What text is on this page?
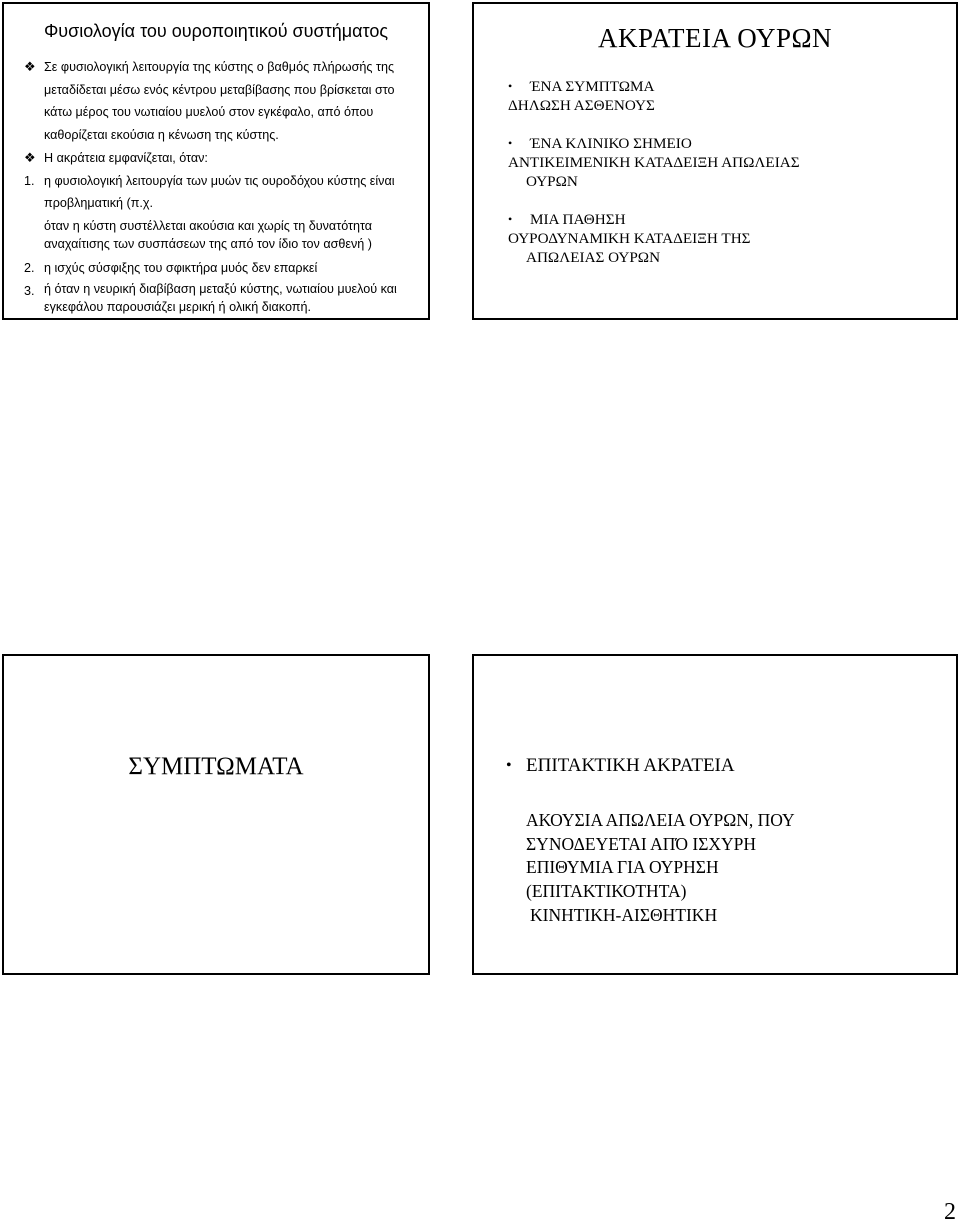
Φυσιολογία του ουροποιητικού συστήματος
❖ Σε φυσιολογική λειτουργία της κύστης ο βαθμός πλήρωσής της μεταδίδεται μέσω ενός κέντρου μεταβίβασης που βρίσκεται στο κάτω μέρος του νωτιαίου μυελού στον εγκέφαλο, από όπου καθορίζεται εκούσια η κένωση της κύστης.
❖ Η ακράτεια εμφανίζεται, όταν:
1. η φυσιολογική λειτουργία των μυών τις ουροδόχου κύστης είναι προβληματική (π.χ.
όταν η κύστη συστέλλεται ακούσια και χωρίς τη δυνατότητα αναχαίτισης των συσπάσεων της από τον ίδιο τον ασθενή )
2. η ισχύς σύσφιξης του σφικτήρα μυός δεν επαρκεί
3. ή όταν η νευρική διαβίβαση μεταξύ κύστης, νωτιαίου μυελού και εγκεφάλου παρουσιάζει μερική ή ολική διακοπή.
ΑΚΡΑΤΕΙΑ ΟΥΡΩΝ
•	ΈΝΑ ΣΥΜΠΤΩΜΑ
ΔΗΛΩΣΗ ΑΣΘΕΝΟΥΣ
•	ΈΝΑ ΚΛΙΝΙΚΟ ΣΗΜΕΙΟ
ΑΝΤΙΚΕΙΜΕΝΙΚΗ ΚΑΤΑΔΕΙΞΗ ΑΠΩΛΕΙΑΣ
ΟΥΡΩΝ
•	ΜΙΑ ΠΑΘΗΣΗ
ΟΥΡΟΔΥΝΑΜΙΚΗ ΚΑΤΑΔΕΙΞΗ ΤΗΣ
ΑΠΩΛΕΙΑΣ ΟΥΡΩΝ
ΣΥΜΠΤΩΜΑΤΑ	• ΕΠΙΤΑΚΤΙΚΗ ΑΚΡΑΤΕΙΑ
ΑΚΟΥΣΙΑ ΑΠΩΛΕΙΑ ΟΥΡΩΝ, ΠΟΥ
ΣΥΝΟΔΕΥΕΤΑΙ ΑΠΌ ΙΣΧΥΡΗ
ΕΠΙΘΥΜΙΑ ΓΙΑ ΟΥΡΗΣΗ
(ΕΠΙΤΑΚΤΙΚΟΤΗΤΑ)
ΚΙΝΗΤΙΚΗ-ΑΙΣΘΗΤΙΚΗ
2
